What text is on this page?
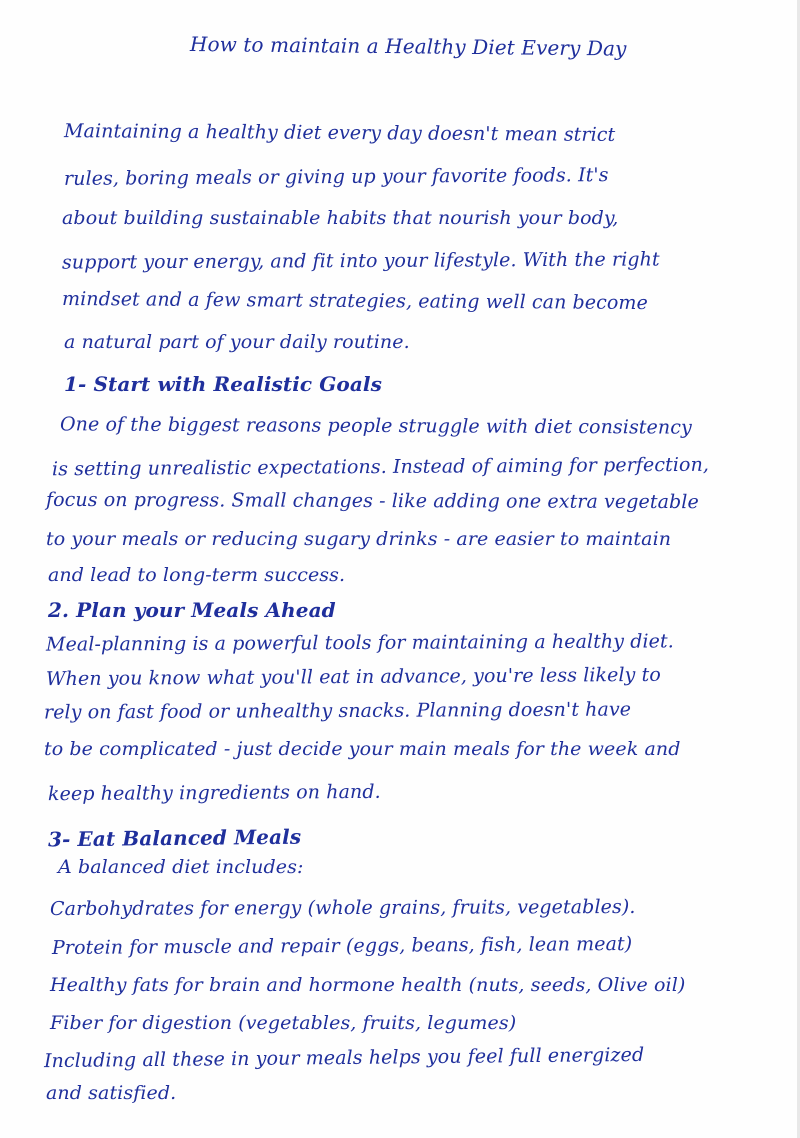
How to maintain a Healthy Diet Every Day
Maintaining a healthy diet every day doesn't mean strict
rules, boring meals or giving up your favorite foods. It's
about building sustainable habits that nourish your body,
support your energy, and fit into your lifestyle. With the right
mindset and a few smart strategies, eating well can become
a natural part of your daily routine.
1- Start with Realistic Goals
One of the biggest reasons people struggle with diet consistency
is setting unrealistic expectations. Instead of aiming for perfection,
focus on progress. Small changes - like adding one extra vegetable
to your meals or reducing sugary drinks - are easier to maintain
and lead to long-term success.
2. Plan your Meals Ahead
Meal-planning is a powerful tools for maintaining a healthy diet.
When you know what you'll eat in advance, you're less likely to
rely on fast food or unhealthy snacks. Planning doesn't have
to be complicated - just decide your main meals for the week and
keep healthy ingredients on hand.
3- Eat Balanced Meals
A balanced diet includes:
Carbohydrates for energy (whole grains, fruits, vegetables).
Protein for muscle and repair (eggs, beans, fish, lean meat)
Healthy fats for brain and hormone health (nuts, seeds, Olive oil)
Fiber for digestion (vegetables, fruits, legumes)
Including all these in your meals helps you feel full energized
and satisfied.
